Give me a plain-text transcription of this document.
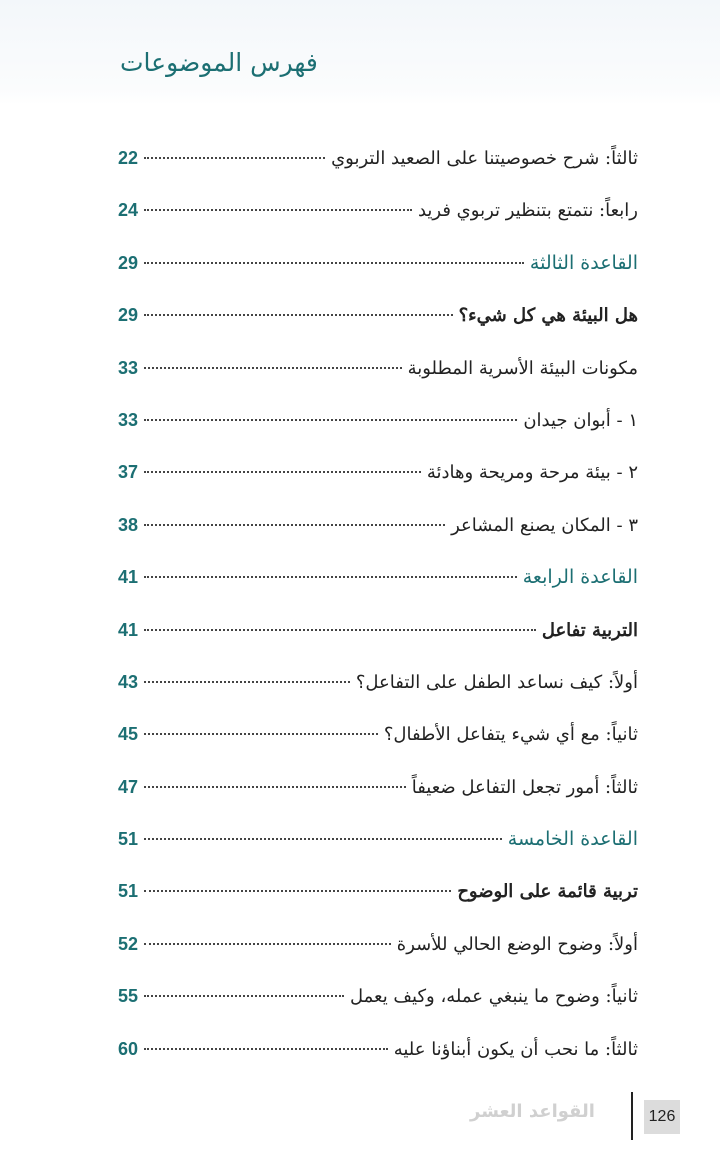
فهرس الموضوعات
ثالثاً: شرح خصوصيتنا على الصعيد التربوي
22
رابعاً: نتمتع بتنظير تربوي فريد
24
القاعدة الثالثة
29
هل البيئة هي كل شيء؟
29
مكونات البيئة الأسرية المطلوبة
33
١ - أبوان جيدان
33
٢ - بيئة مرحة ومريحة وهادئة
37
٣ - المكان يصنع المشاعر
38
القاعدة الرابعة
41
التربية تفاعل
41
أولاً: كيف نساعد الطفل على التفاعل؟
43
ثانياً: مع أي شيء يتفاعل الأطفال؟
45
ثالثاً: أمور تجعل التفاعل ضعيفاً
47
القاعدة الخامسة
51
تربية قائمة على الوضوح
51
أولاً: وضوح الوضع الحالي للأسرة
52
ثانياً: وضوح ما ينبغي عمله، وكيف يعمل
55
ثالثاً: ما نحب أن يكون أبناؤنا عليه
60
126
القواعد العشر
